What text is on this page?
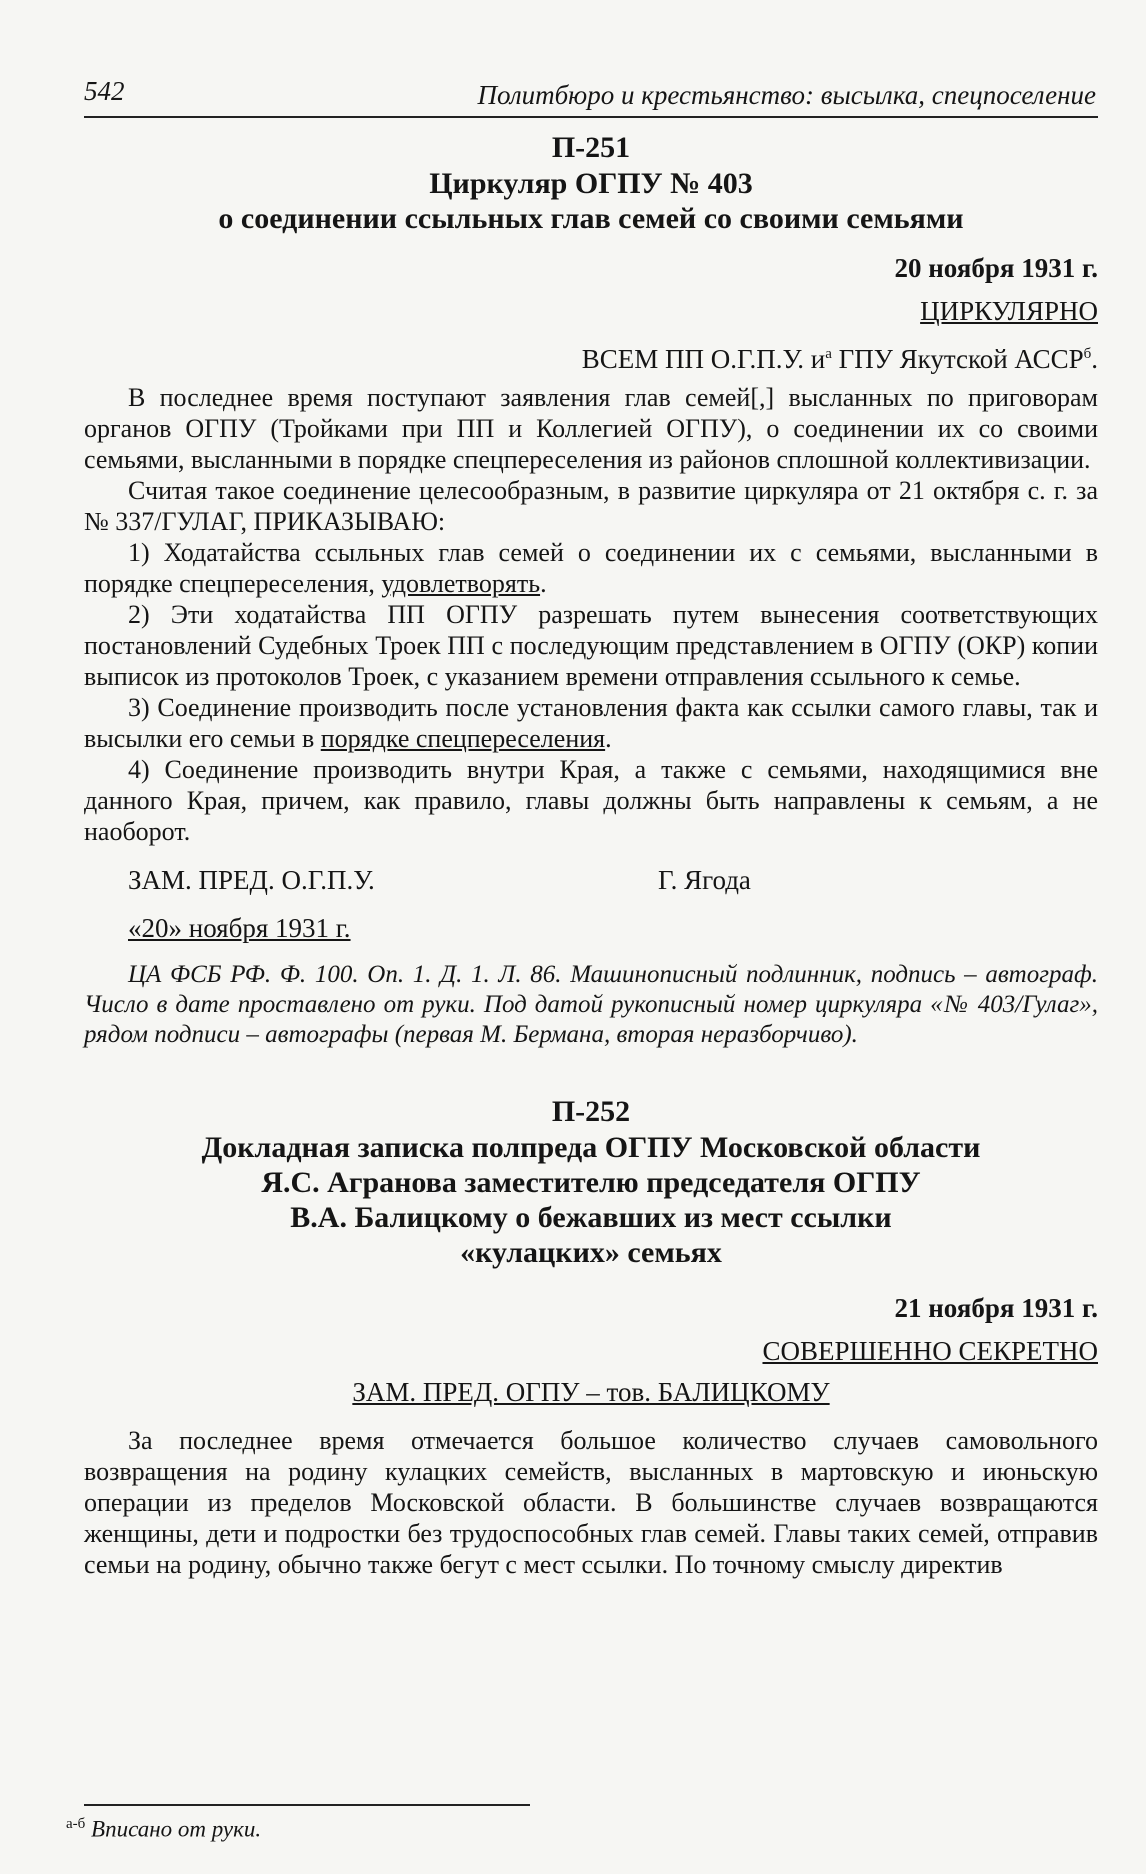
542	Политбюро и крестьянство: высылка, спецпоселение

П-251

Циркуляр ОГПУ № 403

о соединении ссыльных глав семей со своими семьями

20 ноября 1931 г.
ЦИРКУЛЯРНО
ВСЕМ ПП О.Г.П.У. $и^а$ ГПУ Якутской $АССР^б$.

В последнее время поступают заявления глав семей[,] высланных по приговорам органов ОГПУ (Тройками при ПП и Коллегией ОГПУ), о соединении их со своими семьями, высланными в порядке спецпереселения из районов сплошной коллективизации.

Считая такое соединение целесообразным, в развитие циркуляра от 21 октября с. г. за № 337/ГУЛАГ, ПРИКАЗЫВАЮ:

1) Ходатайства ссыльных глав семей о соединении их с семьями, высланными в порядке спецпереселения, удовлетворять.

2) Эти ходатайства ПП ОГПУ разрешать путем вынесения соответствующих постановлений Судебных Троек ПП с последующим представлением в ОГПУ (ОКР) копии выписок из протоколов Троек, с указанием времени отправления ссыльного к семье.

3) Соединение производить после установления факта как ссылки самого главы, так и высылки его семьи в порядке спецпереселения.

4) Соединение производить внутри Края, а также с семьями, находящимися вне данного Края, причем, как правило, главы должны быть направлены к семьям, а не наоборот.

ЗАМ. ПРЕД. О.Г.П.У.	Г. Ягода
«20» ноября 1931 г.

ЦА ФСБ РФ. Ф. 100. Оп. 1. Д. 1. Л. 86. Машинописный подлинник, подпись – автограф. Число в дате проставлено от руки. Под датой рукописный номер циркуляра «№ 403/Гулаг», рядом подписи – автографы (первая М. Бермана, вторая неразборчиво).

П-252

Докладная записка полпреда ОГПУ Московской области

Я.С. Агранова заместителю председателя ОГПУ

В.А. Балицкому о бежавших из мест ссылки

«кулацких» семьях

21 ноября 1931 г.
СОВЕРШЕННО СЕКРЕТНО
ЗАМ. ПРЕД. ОГПУ – тов. БАЛИЦКОМУ

За последнее время отмечается большое количество случаев самовольного возвращения на родину кулацких семейств, высланных в мартовскую и июньскую операции из пределов Московской области. В большинстве случаев возвращаются женщины, дети и подростки без трудоспособных глав семей. Главы таких семей, отправив семьи на родину, обычно также бегут с мест ссылки. По точному смыслу директив

$^{а-б}$ Вписано от руки.
